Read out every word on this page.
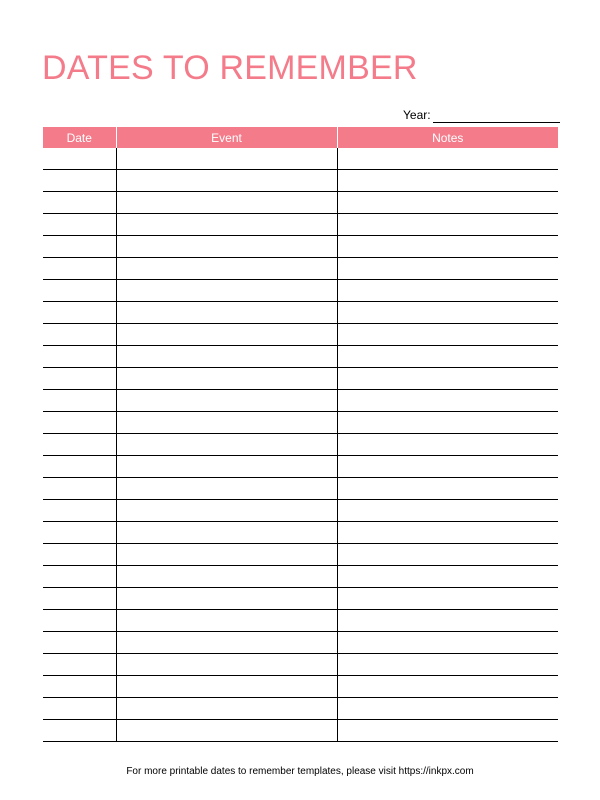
DATES TO REMEMBER
Year:
Date	Event	Notes

For more printable dates to remember templates, please visit https://inkpx.com
